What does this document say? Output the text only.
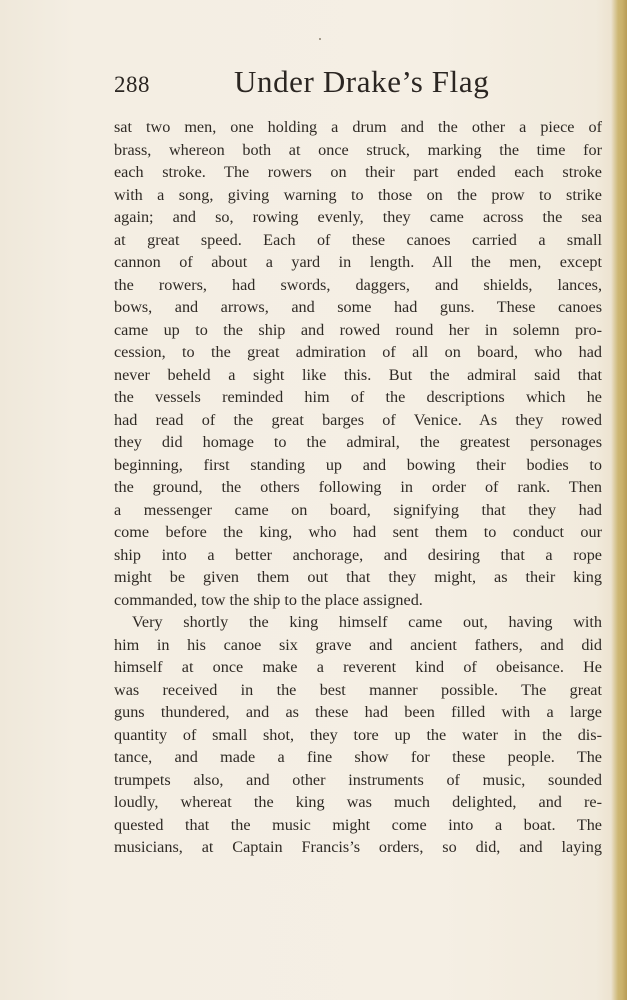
288	Under Drake’s Flag
sat two men, one holding a drum and the other a piece of
brass, whereon both at once struck, marking the time for
each stroke. The rowers on their part ended each stroke
with a song, giving warning to those on the prow to strike
again; and so, rowing evenly, they came across the sea
at great speed. Each of these canoes carried a small
cannon of about a yard in length. All the men, except
the rowers, had swords, daggers, and shields, lances,
bows, and arrows, and some had guns. These canoes
came up to the ship and rowed round her in solemn pro-
cession, to the great admiration of all on board, who had
never beheld a sight like this. But the admiral said that
the vessels reminded him of the descriptions which he
had read of the great barges of Venice. As they rowed
they did homage to the admiral, the greatest personages
beginning, first standing up and bowing their bodies to
the ground, the others following in order of rank. Then
a messenger came on board, signifying that they had
come before the king, who had sent them to conduct our
ship into a better anchorage, and desiring that a rope
might be given them out that they might, as their king
commanded, tow the ship to the place assigned.
Very shortly the king himself came out, having with
him in his canoe six grave and ancient fathers, and did
himself at once make a reverent kind of obeisance. He
was received in the best manner possible. The great
guns thundered, and as these had been filled with a large
quantity of small shot, they tore up the water in the dis-
tance, and made a fine show for these people. The
trumpets also, and other instruments of music, sounded
loudly, whereat the king was much delighted, and re-
quested that the music might come into a boat. The
musicians, at Captain Francis’s orders, so did, and laying
